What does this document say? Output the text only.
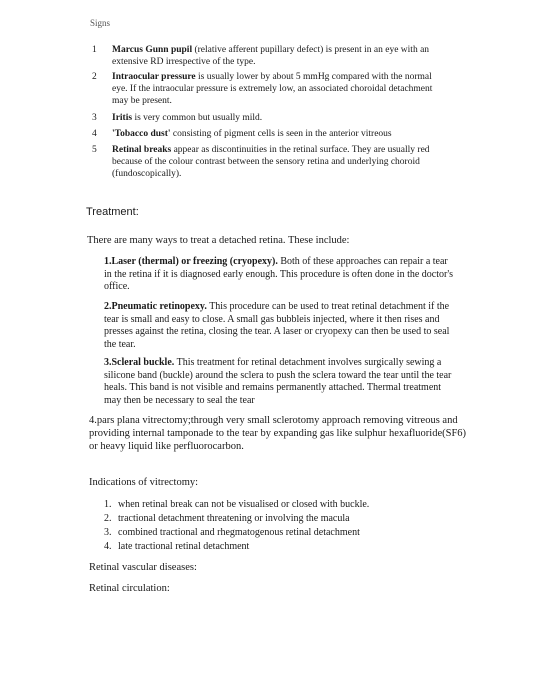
Signs
1	Marcus Gunn pupil (relative afferent pupillary defect) is present in an eye with an
extensive RD irrespective of the type.
2	Intraocular pressure is usually lower by about 5 mmHg compared with the normal
eye. If the intraocular pressure is extremely low, an associated choroidal detachment
may be present.
3	Iritis is very common but usually mild.
4	'Tobacco dust' consisting of pigment cells is seen in the anterior vitreous
5	Retinal breaks appear as discontinuities in the retinal surface. They are usually red
because of the colour contrast between the sensory retina and underlying choroid
(fundoscopically).
Treatment:
There are many ways to treat a detached retina. These include:
1.Laser (thermal) or freezing (cryopexy). Both of these approaches can repair a tear
in the retina if it is diagnosed early enough. This procedure is often done in the doctor's
office.
2.Pneumatic retinopexy. This procedure can be used to treat retinal detachment if the
tear is small and easy to close. A small gas bubbleis injected, where it then rises and
presses against the retina, closing the tear. A laser or cryopexy can then be used to seal
the tear.
3.Scleral buckle. This treatment for retinal detachment involves surgically sewing a
silicone band (buckle) around the sclera to push the sclera toward the tear until the tear
heals. This band is not visible and remains permanently attached. Thermal treatment
may then be necessary to seal the tear
4.pars plana vitrectomy;through very small sclerotomy approach removing vitreous and
providing internal tamponade to the tear by expanding gas like sulphur hexafluoride(SF6)
or heavy liquid like perfluorocarbon.
Indications of vitrectomy:
1. when retinal break can not be visualised or closed with buckle.
2. tractional detachment threatening or involving the macula
3. combined tractional and rhegmatogenous retinal detachment
4. late tractional retinal detachment
Retinal vascular diseases:
Retinal circulation:
